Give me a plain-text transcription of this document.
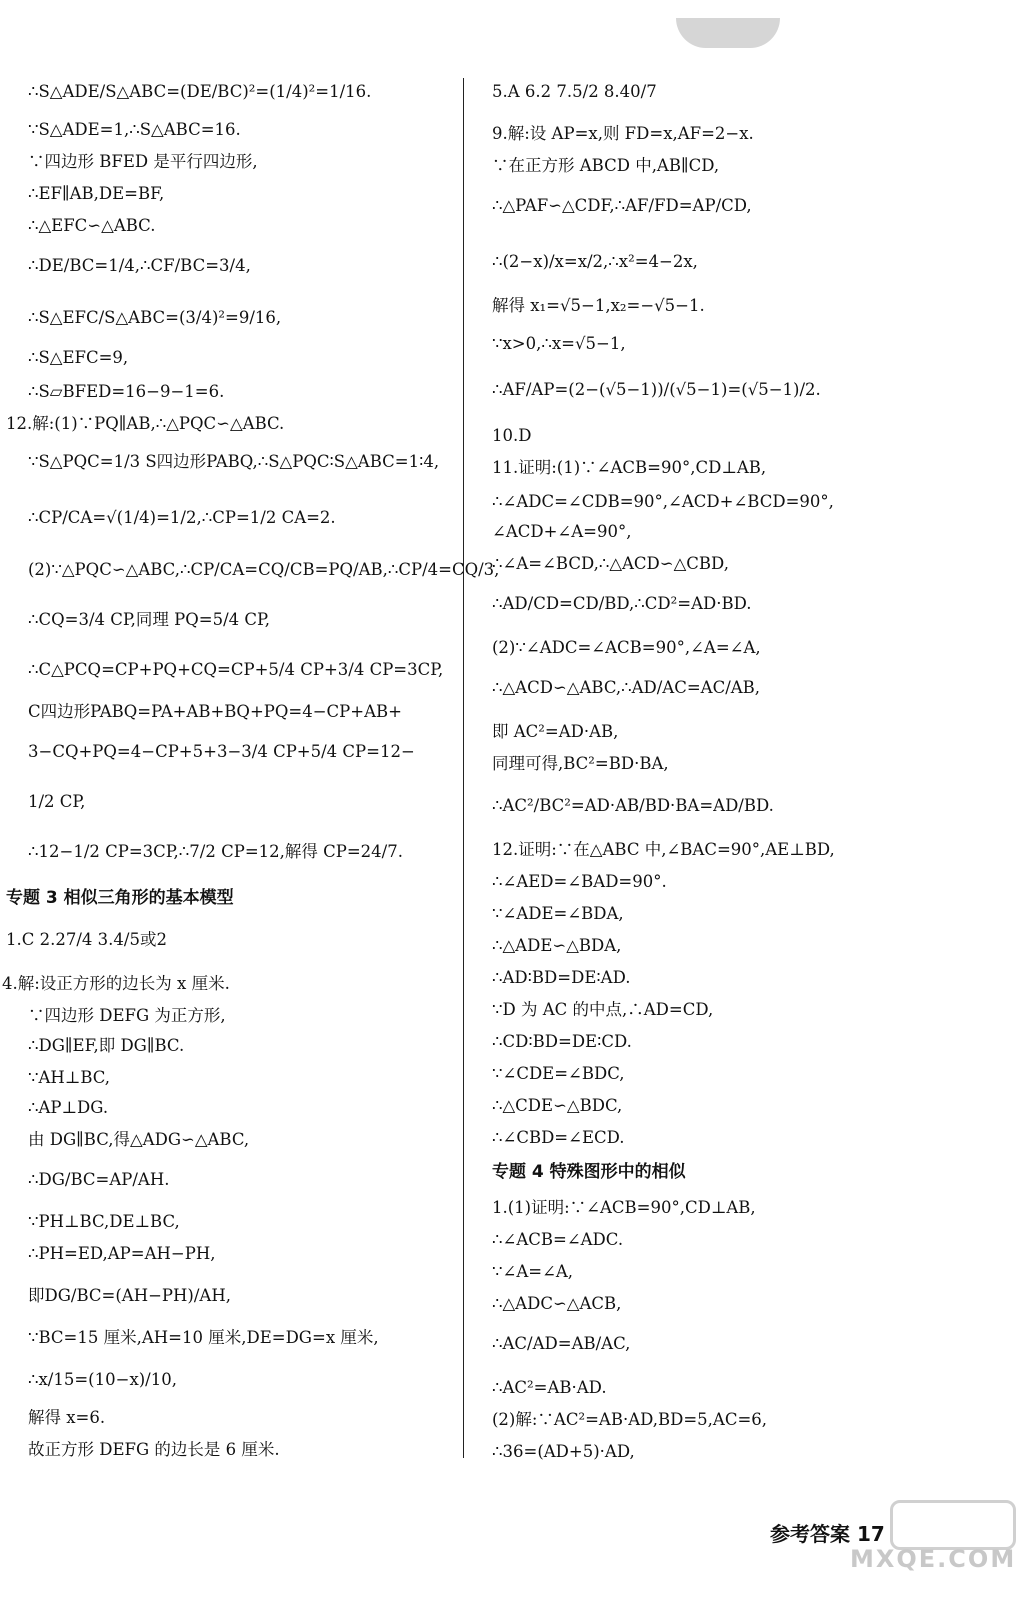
∴S△ADE/S△ABC=(DE/BC)²=(1/4)²=1/16.
∵S△ADE=1,∴S△ABC=16.
∵四边形 BFED 是平行四边形,
∴EF∥AB,DE=BF,
∴△EFC∽△ABC.
∴DE/BC=1/4,∴CF/BC=3/4,
∴S△EFC/S△ABC=(3/4)²=9/16,
∴S△EFC=9,
∴S▱BFED=16−9−1=6.
12.解:(1)∵PQ∥AB,∴△PQC∽△ABC.
∵S△PQC=1/3 S四边形PABQ,∴S△PQC∶S△ABC=1∶4,
∴CP/CA=√(1/4)=1/2,∴CP=1/2 CA=2.
(2)∵△PQC∽△ABC,∴CP/CA=CQ/CB=PQ/AB,∴CP/4=CQ/3,
∴CQ=3/4 CP,同理 PQ=5/4 CP,
∴C△PCQ=CP+PQ+CQ=CP+5/4 CP+3/4 CP=3CP,
C四边形PABQ=PA+AB+BQ+PQ=4−CP+AB+
3−CQ+PQ=4−CP+5+3−3/4 CP+5/4 CP=12−
1/2 CP,
∴12−1/2 CP=3CP,∴7/2 CP=12,解得 CP=24/7.
专题 3 相似三角形的基本模型
1.C 2.27/4 3.4/5或2
4.解:设正方形的边长为 x 厘米.
∵四边形 DEFG 为正方形,
∴DG∥EF,即 DG∥BC.
∵AH⊥BC,
∴AP⊥DG.
由 DG∥BC,得△ADG∽△ABC,
∴DG/BC=AP/AH.
∵PH⊥BC,DE⊥BC,
∴PH=ED,AP=AH−PH,
即DG/BC=(AH−PH)/AH,
∵BC=15 厘米,AH=10 厘米,DE=DG=x 厘米,
∴x/15=(10−x)/10,
解得 x=6.
故正方形 DEFG 的边长是 6 厘米.
5.A 6.2 7.5/2 8.40/7
9.解:设 AP=x,则 FD=x,AF=2−x.
∵在正方形 ABCD 中,AB∥CD,
∴△PAF∽△CDF,∴AF/FD=AP/CD,
∴(2−x)/x=x/2,∴x²=4−2x,
解得 x₁=√5−1,x₂=−√5−1.
∵x>0,∴x=√5−1,
∴AF/AP=(2−(√5−1))/(√5−1)=(√5−1)/2.
10.D
11.证明:(1)∵∠ACB=90°,CD⊥AB,
∴∠ADC=∠CDB=90°,∠ACD+∠BCD=90°,
∠ACD+∠A=90°,
∴∠A=∠BCD,∴△ACD∽△CBD,
∴AD/CD=CD/BD,∴CD²=AD·BD.
(2)∵∠ADC=∠ACB=90°,∠A=∠A,
∴△ACD∽△ABC,∴AD/AC=AC/AB,
即 AC²=AD·AB,
同理可得,BC²=BD·BA,
∴AC²/BC²=AD·AB/BD·BA=AD/BD.
12.证明:∵在△ABC 中,∠BAC=90°,AE⊥BD,
∴∠AED=∠BAD=90°.
∵∠ADE=∠BDA,
∴△ADE∽△BDA,
∴AD∶BD=DE∶AD.
∵D 为 AC 的中点,∴AD=CD,
∴CD∶BD=DE∶CD.
∵∠CDE=∠BDC,
∴△CDE∽△BDC,
∴∠CBD=∠ECD.
专题 4 特殊图形中的相似
1.(1)证明:∵∠ACB=90°,CD⊥AB,
∴∠ACB=∠ADC.
∵∠A=∠A,
∴△ADC∽△ACB,
∴AC/AD=AB/AC,
∴AC²=AB·AD.
(2)解:∵AC²=AB·AD,BD=5,AC=6,
∴36=(AD+5)·AD,
参考答案 17
MXQE.COM
